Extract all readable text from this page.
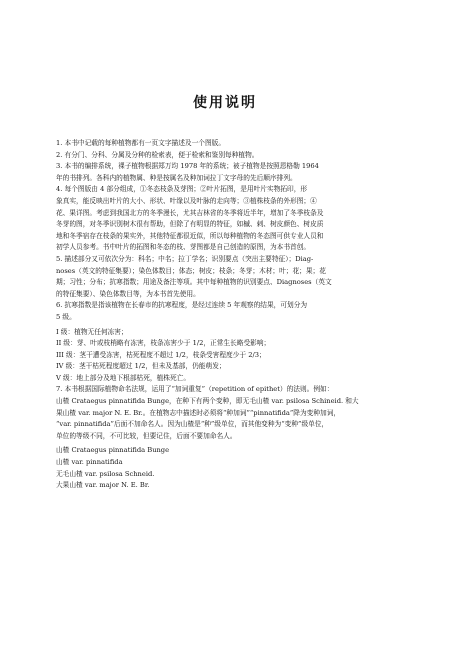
使用说明

1. 本书中记载的每种植物都有一页文字描述及一个图版。

2. 有分门、分科、分属及分种的检索表，便于检索和鉴别每种植物。

3. 本书的编排系统，裸子植物根据郑万均 1978 年的系统；被子植物是按照恩格勒 1964

年的书排列。各科内的植物属、种是按属名及种加词拉丁文字母的先后顺序排列。

4. 每个图版由 4 部分组成，①冬态枝条及芽图；②叶片拓图，是用叶片实物拓印，形

象真实，能反映出叶片的大小、形状、叶缘以及叶脉的走向等；③植株枝条的外形图；④

花、果详图。考虑到我国北方的冬季漫长，尤其吉林省的冬季将近半年，增加了冬季枝条及

冬芽的图，对冬季识别树木很有帮助，但除了有明显的特征，如槭、刺、树皮颜色、树皮质

地和冬季宿存在枝条的果实外，其他特征都很近似，所以每种植物的冬态图可供专业人员和

初学人员参考。书中叶片的拓图和冬态的枝、芽图都是自己创造的原图，为本书首创。

5. 描述部分又可依次分为：科名；中名；拉丁学名；识别要点（突出主要特征）；Diag-

noses（英文的特征集要）；染色体数目；体态；树皮；枝条；冬芽；木材；叶；花；果；花

期；习性；分布；抗寒指数；用途及备注等项。其中每种植物的识别要点、Diagnoses（英文

的特征集要）、染色体数目等，为本书首先使用。

6. 抗寒指数是指该植物在长春市的抗寒程度，是经过连续 5 年观察的结果，可划分为

5 级。

I 级：植物无任何冻害；

II 级：芽、叶或枝梢略有冻害，枝条冻害少于 1/2，正常生长略受影响；

III 级：茎干遭受冻害，枯死程度不超过 1/2，枝条受害程度少于 2/3；

IV 级：茎干枯死程度超过 1/2，但未及基部，仍能萌发；

V 级：地上部分及地下根部枯死，植株死亡。

7. 本书根据国际植物命名法规，运用了“加词重复”（repetition of epithet）的法则。例如：

山楂 Crataegus pinnatifida Bunge，在种下有两个变种，即无毛山楂 var. psilosa Schineid. 和大

果山楂 var. major N. E. Br.。在植物志中描述时必须将“种加词”“pinnatifida”降为变种加词，

“var. pinnatifida”后面不加命名人。因为山楂是“种”级单位，而其他变种为“变种”级单位，

单位的等级不同，不可比较，但要记住，后面不要加命名人。

山楂 Crataegus pinnatifida Bunge

山楂 var. pinnatifida

无毛山楂 var. psilosa Schneid.

大果山楂 var. major N. E. Br.
